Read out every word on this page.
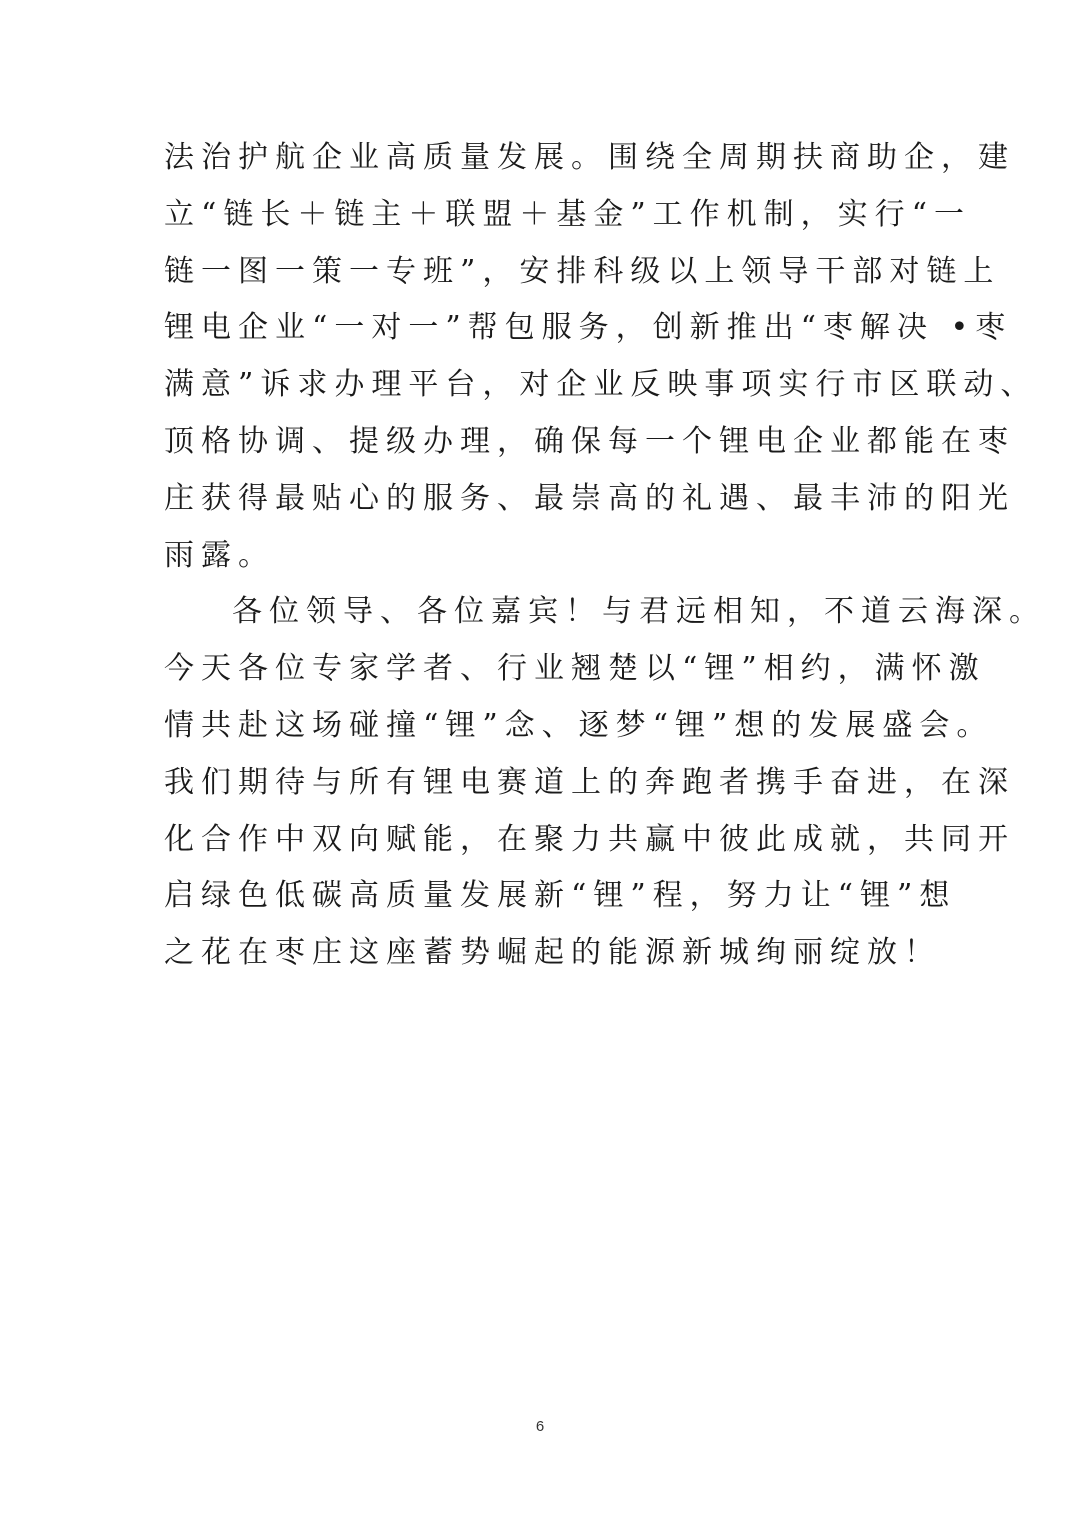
法治护航企业高质量发展。围绕全周期扶商助企，建
立“链长＋链主＋联盟＋基金”工作机制，实行“一
链一图一策一专班”，安排科级以上领导干部对链上
锂电企业“一对一”帮包服务，创新推出“枣解决 •枣
满意”诉求办理平台，对企业反映事项实行市区联动、
顶格协调、提级办理，确保每一个锂电企业都能在枣
庄获得最贴心的服务、最崇高的礼遇、最丰沛的阳光
雨露。
各位领导、各位嘉宾！与君远相知，不道云海深。
今天各位专家学者、行业翘楚以“锂”相约，满怀激
情共赴这场碰撞“锂”念、逐梦“锂”想的发展盛会。
我们期待与所有锂电赛道上的奔跑者携手奋进，在深
化合作中双向赋能，在聚力共赢中彼此成就，共同开
启绿色低碳高质量发展新“锂”程，努力让“锂”想
之花在枣庄这座蓄势崛起的能源新城绚丽绽放！
6
